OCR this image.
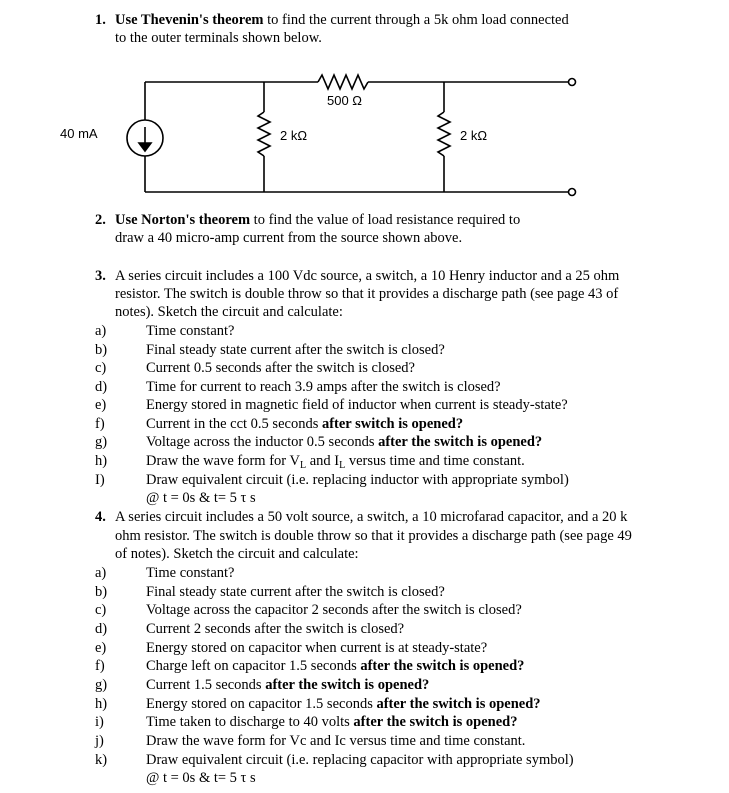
1. Use Thevenin's theorem to find the current through a 5k ohm load connected
to the outer terminals shown below.
40 mA
500 Ω
2 kΩ	2 kΩ
2. Use Norton's theorem to find the value of load resistance required to
draw a 40 micro-amp current from the source shown above.
3. A series circuit includes a 100 Vdc source, a switch, a 10 Henry inductor and a 25 ohm
resistor. The switch is double throw so that it provides a discharge path (see page 43 of
notes). Sketch the circuit and calculate:
a)	Time constant?
b)	Final steady state current after the switch is closed?
c)	Current 0.5 seconds after the switch is closed?
d)	Time for current to reach 3.9 amps after the switch is closed?
e)	Energy stored in magnetic field of inductor when current is steady-state?
f)	Current in the cct 0.5 seconds after switch is opened?
g)	Voltage across the inductor 0.5 seconds after the switch is opened?
h)	Draw the wave form for $V_L$ and $I_L$ versus time and time constant.
I)	Draw equivalent circuit (i.e. replacing inductor with appropriate symbol)
@ t = 0s & t= 5 τ s
4. A series circuit includes a 50 volt source, a switch, a 10 microfarad capacitor, and a 20 k
ohm resistor. The switch is double throw so that it provides a discharge path (see page 49
of notes). Sketch the circuit and calculate:
a)	Time constant?
b)	Final steady state current after the switch is closed?
c)	Voltage across the capacitor 2 seconds after the switch is closed?
d)	Current 2 seconds after the switch is closed?
e)	Energy stored on capacitor when current is at steady-state?
f)	Charge left on capacitor 1.5 seconds after the switch is opened?
g)	Current 1.5 seconds after the switch is opened?
h)	Energy stored on capacitor 1.5 seconds after the switch is opened?
i)	Time taken to discharge to 40 volts after the switch is opened?
j)	Draw the wave form for Vc and Ic versus time and time constant.
k)	Draw equivalent circuit (i.e. replacing capacitor with appropriate symbol)
@ t = 0s & t= 5 τ s
